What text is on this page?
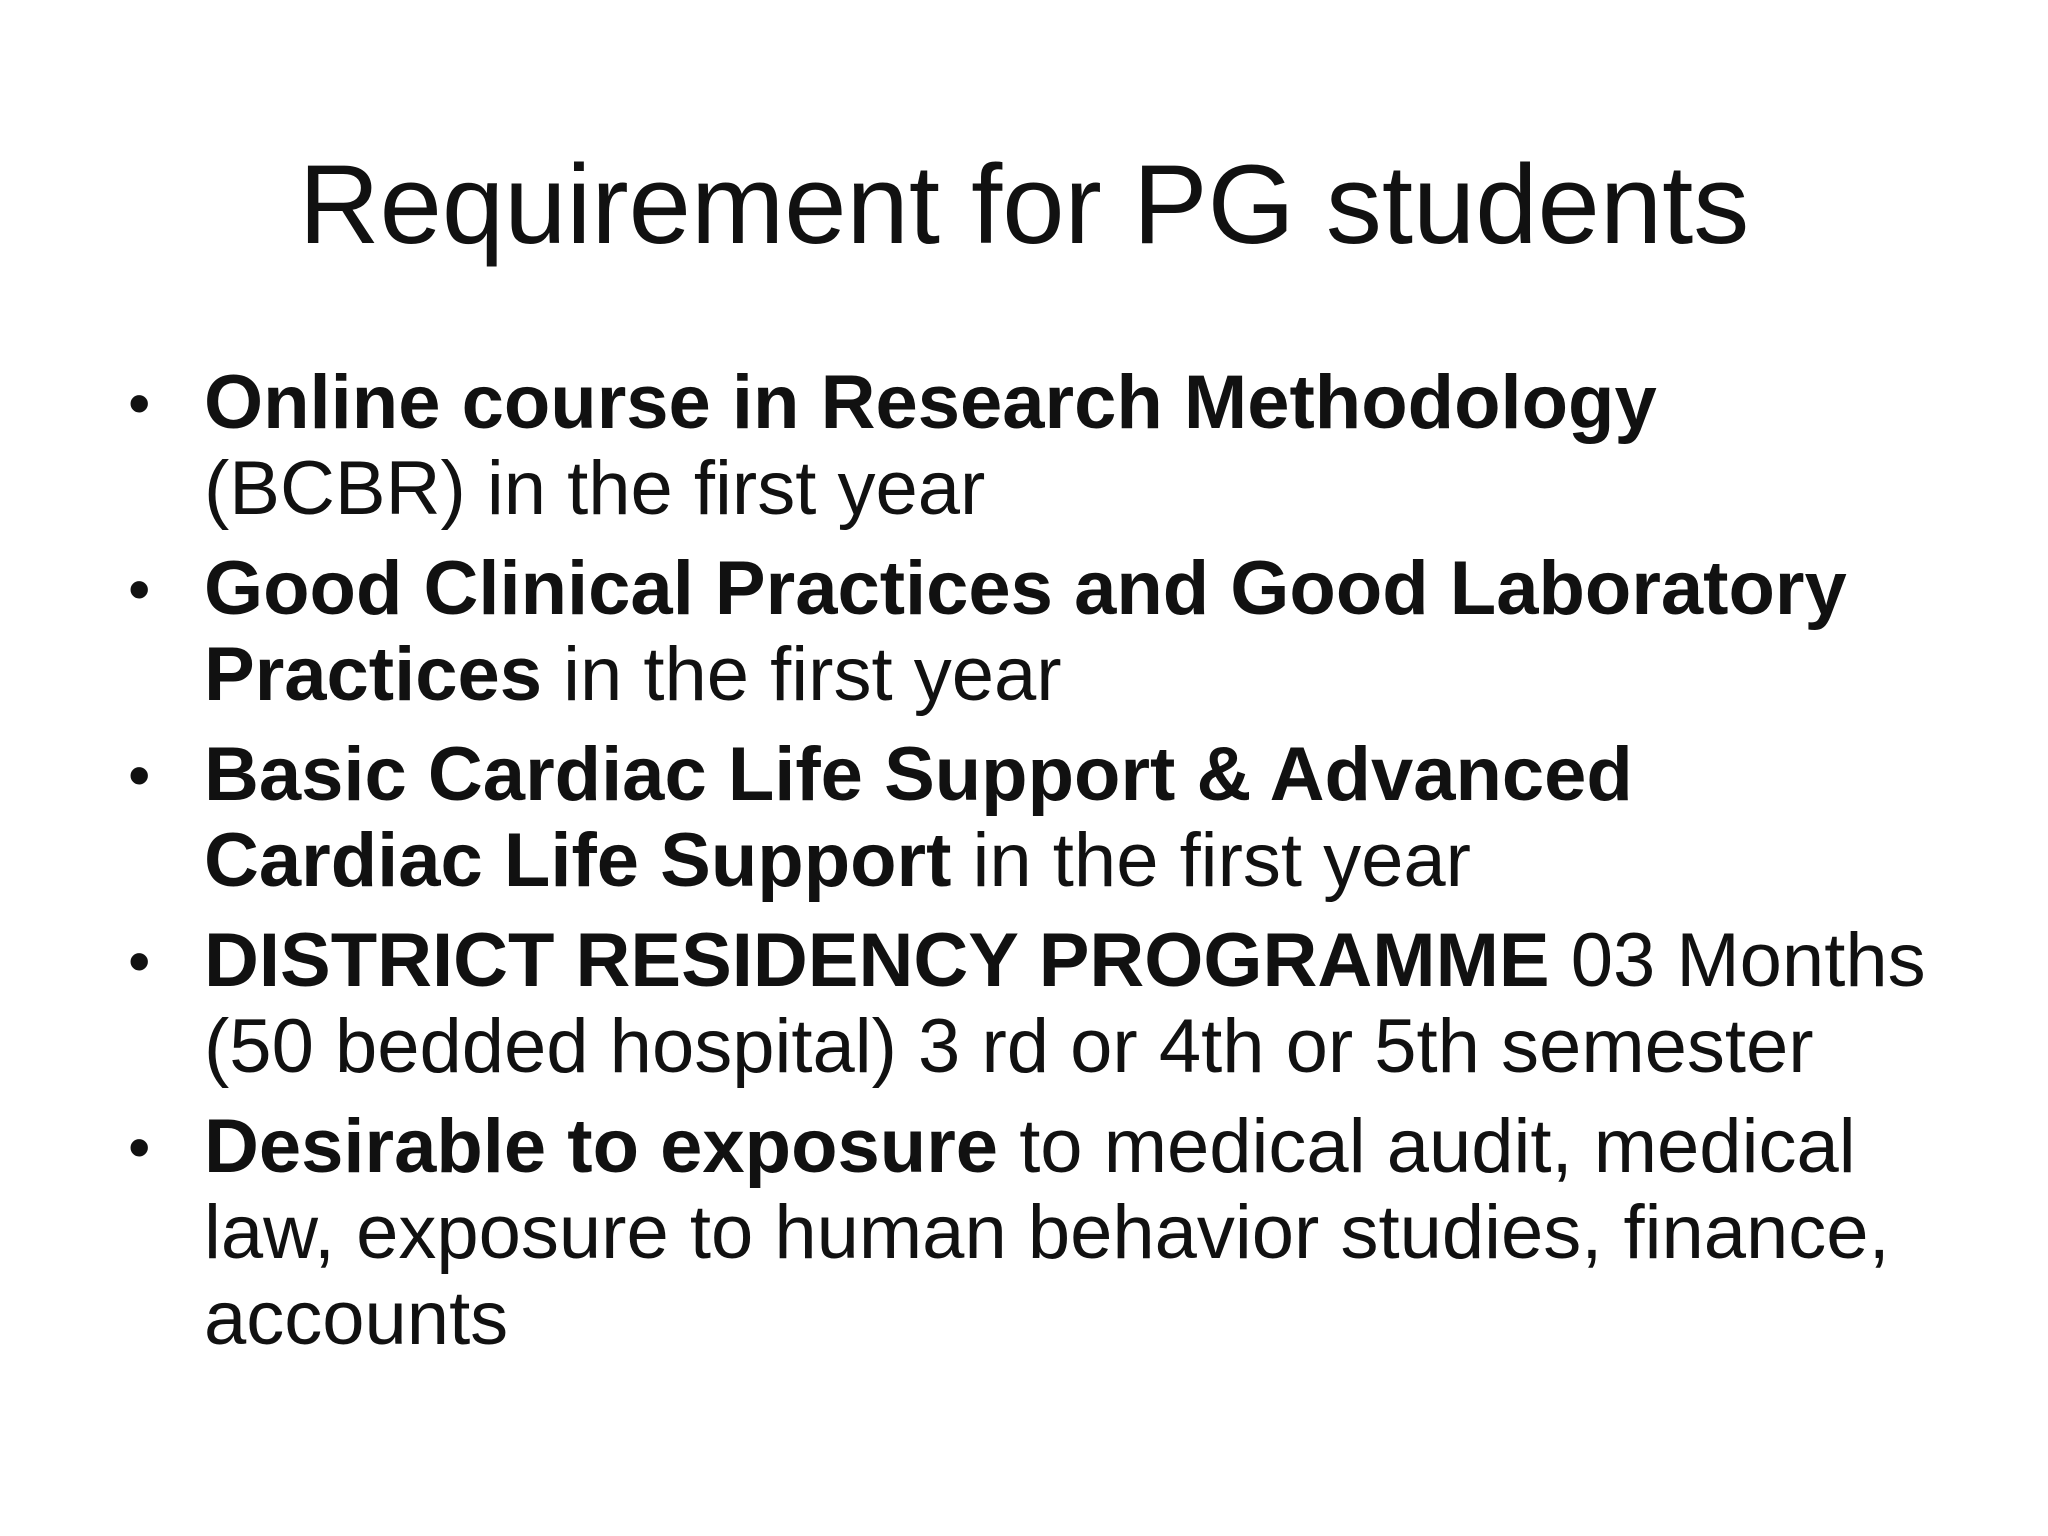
Requirement for PG students
• Online course in Research Methodology (BCBR) in the first year
• Good Clinical Practices and Good Laboratory Practices in the first year
• Basic Cardiac Life Support & Advanced Cardiac Life Support in the first year
• DISTRICT RESIDENCY PROGRAMME 03 Months (50 bedded hospital) 3 rd or 4th or 5th semester
• Desirable to exposure to medical audit, medical law, exposure to human behavior studies, finance, accounts
